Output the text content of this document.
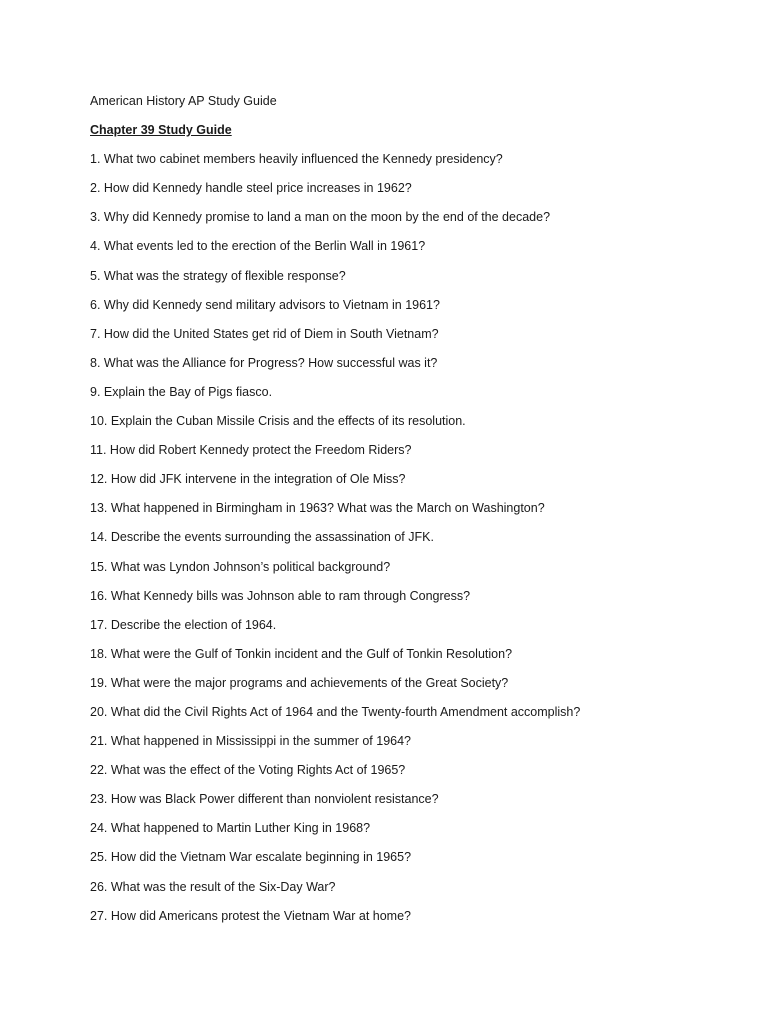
American History AP Study Guide
Chapter 39 Study Guide
1. What two cabinet members heavily influenced the Kennedy presidency?
2. How did Kennedy handle steel price increases in 1962?
3. Why did Kennedy promise to land a man on the moon by the end of the decade?
4. What events led to the erection of the Berlin Wall in 1961?
5. What was the strategy of flexible response?
6. Why did Kennedy send military advisors to Vietnam in 1961?
7. How did the United States get rid of Diem in South Vietnam?
8. What was the Alliance for Progress? How successful was it?
9. Explain the Bay of Pigs fiasco.
10. Explain the Cuban Missile Crisis and the effects of its resolution.
11. How did Robert Kennedy protect the Freedom Riders?
12. How did JFK intervene in the integration of Ole Miss?
13. What happened in Birmingham in 1963? What was the March on Washington?
14. Describe the events surrounding the assassination of JFK.
15. What was Lyndon Johnson’s political background?
16. What Kennedy bills was Johnson able to ram through Congress?
17. Describe the election of 1964.
18. What were the Gulf of Tonkin incident and the Gulf of Tonkin Resolution?
19. What were the major programs and achievements of the Great Society?
20. What did the Civil Rights Act of 1964 and the Twenty-fourth Amendment accomplish?
21. What happened in Mississippi in the summer of 1964?
22. What was the effect of the Voting Rights Act of 1965?
23. How was Black Power different than nonviolent resistance?
24. What happened to Martin Luther King in 1968?
25. How did the Vietnam War escalate beginning in 1965?
26. What was the result of the Six-Day War?
27. How did Americans protest the Vietnam War at home?
